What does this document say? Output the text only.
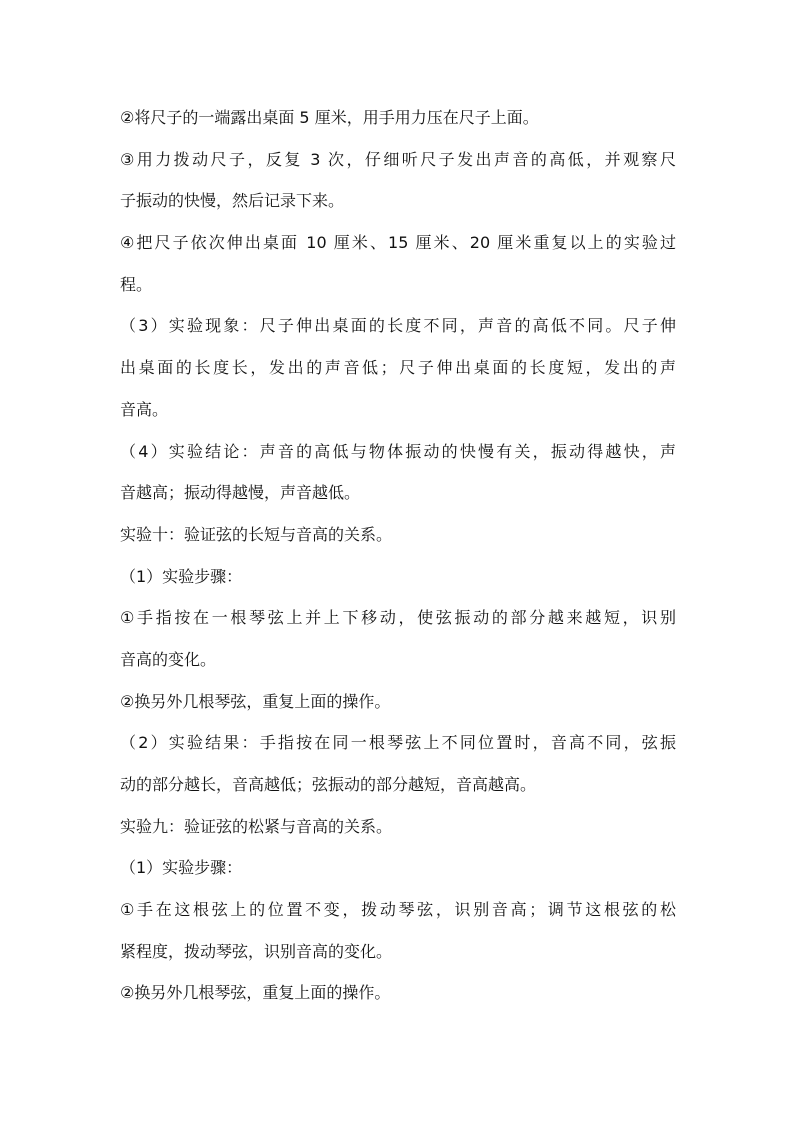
②将尺子的一端露出桌面 5 厘米，用手用力压在尺子上面。
③用力拨动尺子，反复 3 次，仔细听尺子发出声音的高低，并观察尺
子振动的快慢，然后记录下来。
④把尺子依次伸出桌面 10 厘米、15 厘米、20 厘米重复以上的实验过
程。
（3）实验现象：尺子伸出桌面的长度不同，声音的高低不同。尺子伸
出桌面的长度长，发出的声音低；尺子伸出桌面的长度短，发出的声
音高。
（4）实验结论：声音的高低与物体振动的快慢有关，振动得越快，声
音越高；振动得越慢，声音越低。
实验十：验证弦的长短与音高的关系。
（1）实验步骤：
①手指按在一根琴弦上并上下移动，使弦振动的部分越来越短，识别
音高的变化。
②换另外几根琴弦，重复上面的操作。
（2）实验结果：手指按在同一根琴弦上不同位置时，音高不同，弦振
动的部分越长，音高越低；弦振动的部分越短，音高越高。
实验九：验证弦的松紧与音高的关系。
（1）实验步骤：
①手在这根弦上的位置不变，拨动琴弦，识别音高；调节这根弦的松
紧程度，拨动琴弦，识别音高的变化。
②换另外几根琴弦，重复上面的操作。
